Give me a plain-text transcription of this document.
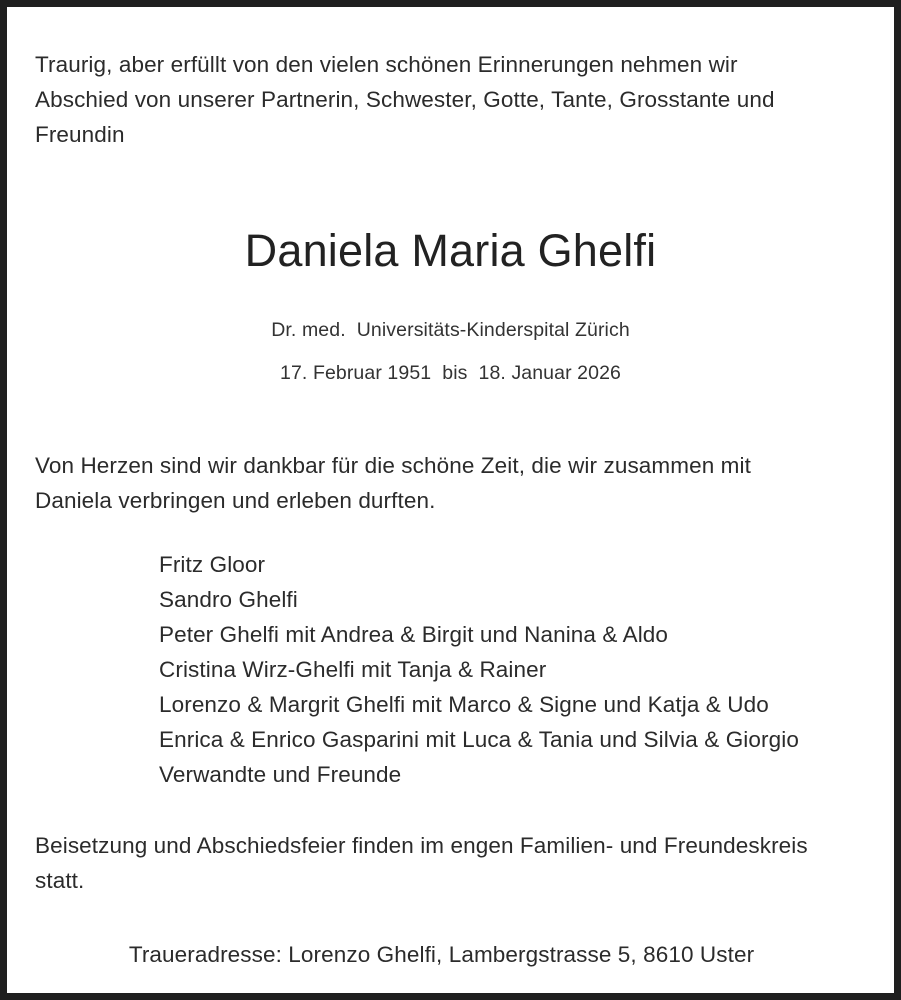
Traurig, aber erfüllt von den vielen schönen Erinnerungen nehmen wir Abschied von unserer Partnerin, Schwester, Gotte, Tante, Grosstante und Freundin

Daniela Maria Ghelfi

Dr. med.  Universitäts-Kinderspital Zürich

17. Februar 1951  bis  18. Januar 2026

Von Herzen sind wir dankbar für die schöne Zeit, die wir zusammen mit Daniela verbringen und erleben durften.

Fritz Gloor
Sandro Ghelfi
Peter Ghelfi mit Andrea & Birgit und Nanina & Aldo
Cristina Wirz-Ghelfi mit Tanja & Rainer
Lorenzo & Margrit Ghelfi mit Marco & Signe und Katja & Udo
Enrica & Enrico Gasparini mit Luca & Tania und Silvia & Giorgio
Verwandte und Freunde

Beisetzung und Abschiedsfeier finden im engen Familien- und Freundeskreis statt.

Traueradresse: Lorenzo Ghelfi, Lambergstrasse 5, 8610 Uster
